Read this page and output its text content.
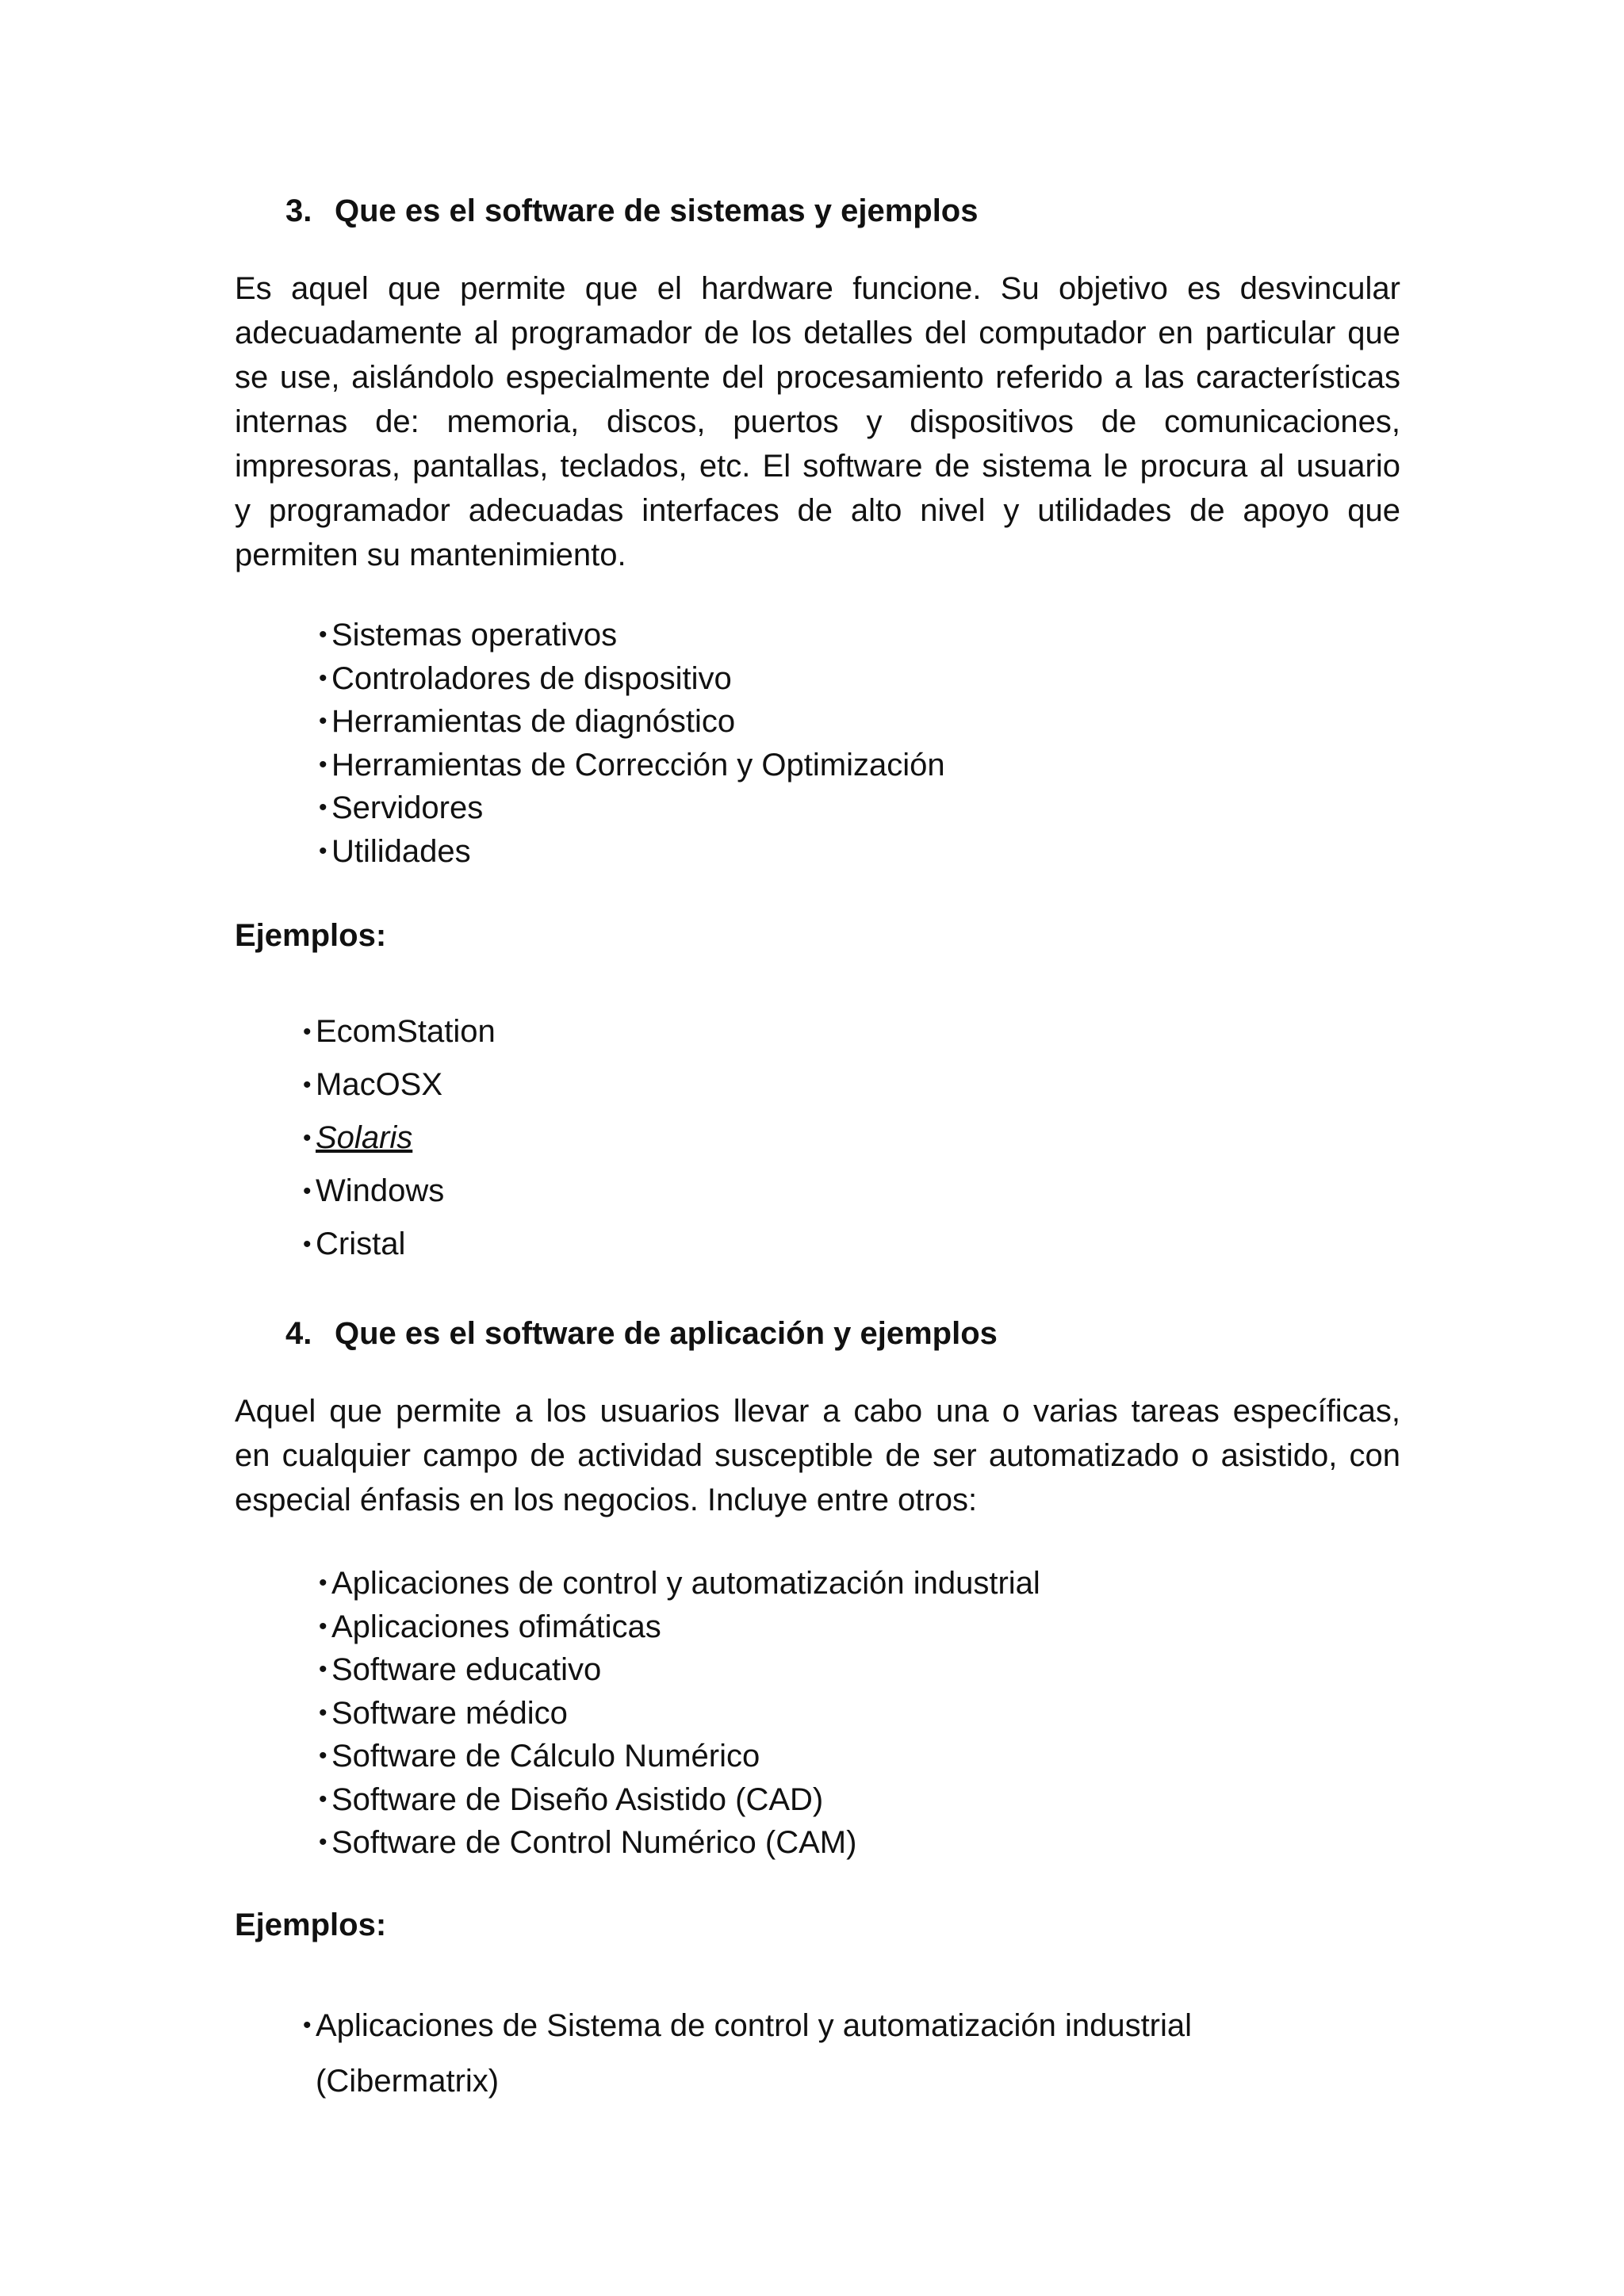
3. Que es el software de sistemas y ejemplos
Es aquel que permite que el hardware funcione. Su objetivo es desvincular
adecuadamente al programador de los detalles del computador en particular que
se use, aislándolo especialmente del procesamiento referido a las características
internas de: memoria, discos, puertos y dispositivos de comunicaciones,
impresoras, pantallas, teclados, etc. El software de sistema le procura al usuario
y programador adecuadas interfaces de alto nivel y utilidades de apoyo que
permiten su mantenimiento.
• Sistemas operativos
• Controladores de dispositivo
• Herramientas de diagnóstico
• Herramientas de Corrección y Optimización
• Servidores
• Utilidades
Ejemplos:
• EcomStation
• MacOSX
• Solaris
• Windows
• Cristal
4. Que es el software de aplicación y ejemplos
Aquel que permite a los usuarios llevar a cabo una o varias tareas específicas,
en cualquier campo de actividad susceptible de ser automatizado o asistido, con
especial énfasis en los negocios. Incluye entre otros:
• Aplicaciones de control y automatización industrial
• Aplicaciones ofimáticas
• Software educativo
• Software médico
• Software de Cálculo Numérico
• Software de Diseño Asistido (CAD)
• Software de Control Numérico (CAM)
Ejemplos:
• Aplicaciones de Sistema de control y automatización industrial (Cibermatrix)
